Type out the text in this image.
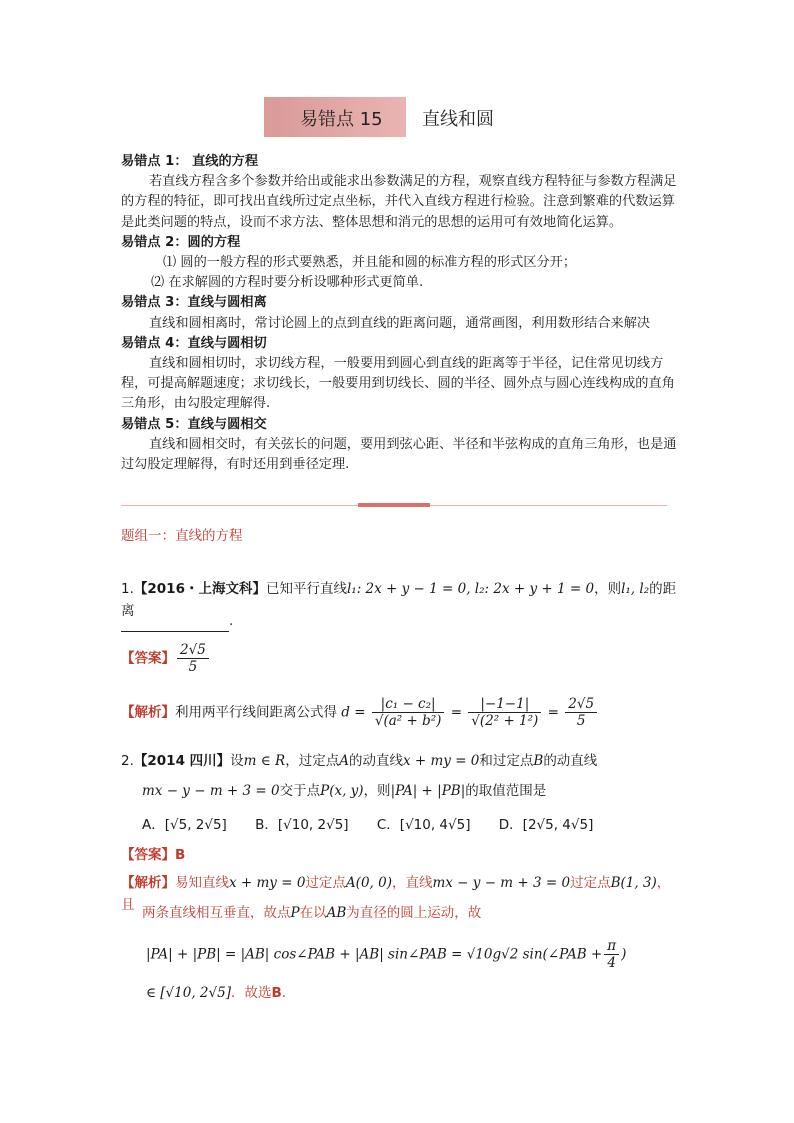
易错点 15 直线和圆
易错点 1： 直线的方程
若直线方程含多个参数并给出或能求出参数满足的方程，观察直线方程特征与参数方程满足的方程的特征，即可找出直线所过定点坐标，并代入直线方程进行检验。注意到繁难的代数运算是此类问题的特点，设而不求方法、整体思想和消元的思想的运用可有效地简化运算。
易错点 2：圆的方程
⑴ 圆的一般方程的形式要熟悉，并且能和圆的标准方程的形式区分开；
⑵ 在求解圆的方程时要分析设哪种形式更简单.
易错点 3：直线与圆相离
直线和圆相离时，常讨论圆上的点到直线的距离问题，通常画图，利用数形结合来解决
易错点 4：直线与圆相切
直线和圆相切时，求切线方程，一般要用到圆心到直线的距离等于半径，记住常见切线方程，可提高解题速度；求切线长，一般要用到切线长、圆的半径、圆外点与圆心连线构成的直角三角形，由勾股定理解得.
易错点 5：直线与圆相交
直线和圆相交时，有关弦长的问题，要用到弦心距、半径和半弦构成的直角三角形，也是通过勾股定理解得，有时还用到垂径定理.
题组一：直线的方程
1.【2016・上海文科】已知平行直线l₁: 2x + y − 1 = 0, l₂: 2x + y + 1 = 0，则l₁, l₂的距离
.
【答案】 $\frac{2√5}{5}$
【解析】利用两平行线间距离公式得 $d = \frac{\text{|c₁ − c₂|}}{\text{√(a² + b²)}} = \frac{|-1-1|}{\text{√(2² + 1²)}} = \frac{2√5}{5}$
2.【2014 四川】设m ∈ R，过定点A的动直线x + my = 0和过定点B的动直线
mx − y − m + 3 = 0交于点P(x, y)，则|PA| + |PB|的取值范围是
A．[√5, 2√5] B．[√10, 2√5] C．[√10, 4√5] D．[2√5, 4√5]
【答案】B
【解析】易知直线x + my = 0过定点A(0, 0)，直线mx − y − m + 3 = 0过定点B(1, 3)，且 两条直线相互垂直，故点P在以AB为直径的圆上运动，故
|PA| + |PB| = |AB| cos∠PAB + |AB| sin∠PAB = √10g√2 sin(∠PAB + $\frac{\pi}{4}$ )
∈ [√10, 2√5]．故选B.
